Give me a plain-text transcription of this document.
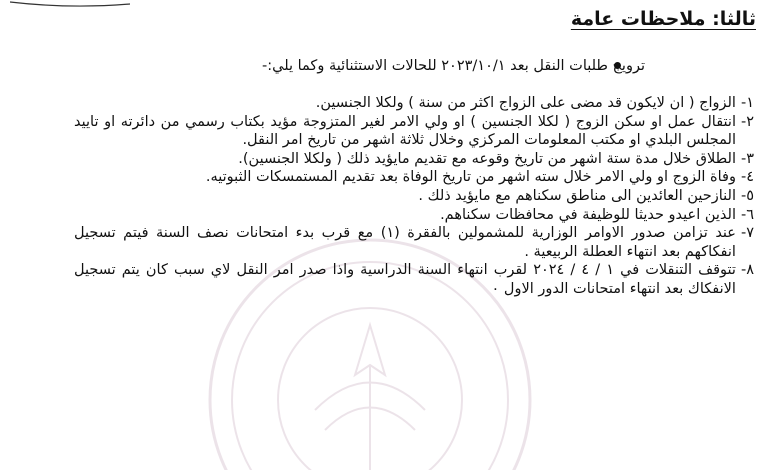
ثالثا: ملاحظات عامة
ترويج طلبات النقل بعد ٢٠٢٣/١٠/١ للحالات الاستثنائية وكما يلي:-
١-
الزواج ( ان لايكون قد مضى على الزواج اكثر من سنة ) ولكلا الجنسين.
٢-
انتقال عمل او سكن الزوج ( لكلا الجنسين ) او ولي الامر لغير المتزوجة مؤيد بكتاب رسمي من دائرته او تاييد المجلس البلدي او مكتب المعلومات المركزي وخلال ثلاثة اشهر من تاريخ امر النقل.
٣-
الطلاق خلال مدة ستة اشهر من تاريخ وقوعه مع تقديم مايؤيد ذلك ( ولكلا الجنسين).
٤-
وفاة الزوج او ولي الامر خلال سته اشهر من تاريخ الوفاة بعد تقديم المستمسكات الثبوتيه.
٥-
النازحين العائدين الى مناطق سكناهم مع مايؤيد ذلك .
٦-
الذين اعيدو حديثا للوظيفة في محافظات سكناهم.
٧-
عند تزامن صدور الاوامر الوزارية للمشمولين بالفقرة (١) مع قرب بدء امتحانات نصف السنة فيتم تسجيل انفكاكهم بعد انتهاء العطلة الربيعية .
٨-
تتوقف التنقلات في ١ / ٤ / ٢٠٢٤ لقرب انتهاء السنة الدراسية واذا صدر امر النقل لاي سبب كان يتم تسجيل الانفكاك بعد انتهاء امتحانات الدور الاول ٠
